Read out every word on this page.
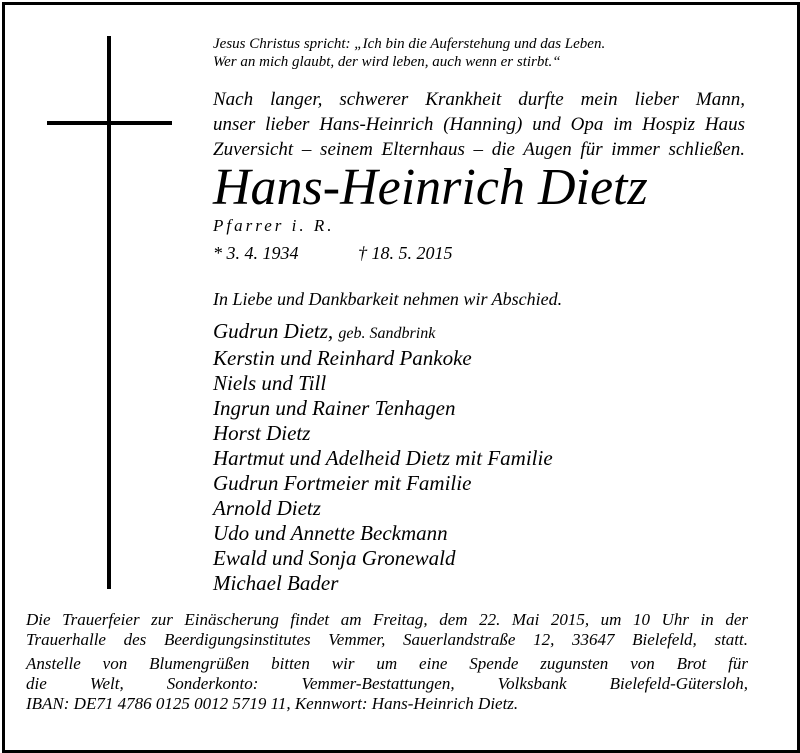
Jesus Christus spricht: „Ich bin die Auferstehung und das Leben.
Wer an mich glaubt, der wird leben, auch wenn er stirbt.“
Nach langer, schwerer Krankheit durfte mein lieber Mann,
unser lieber Hans-Heinrich (Hanning) und Opa im Hospiz Haus
Zuversicht – seinem Elternhaus – die Augen für immer schließen.
Hans-Heinrich Dietz
Pfarrer i. R.
* 3. 4. 1934	† 18. 5. 2015
In Liebe und Dankbarkeit nehmen wir Abschied.
Gudrun Dietz, geb. Sandbrink
Kerstin und Reinhard Pankoke
Niels und Till
Ingrun und Rainer Tenhagen
Horst Dietz
Hartmut und Adelheid Dietz mit Familie
Gudrun Fortmeier mit Familie
Arnold Dietz
Udo und Annette Beckmann
Ewald und Sonja Gronewald
Michael Bader

Die Trauerfeier zur Einäscherung findet am Freitag, dem 22. Mai 2015, um 10 Uhr in der
Trauerhalle des Beerdigungsinstitutes Vemmer, Sauerlandstraße 12, 33647 Bielefeld, statt.

Anstelle von Blumengrüßen bitten wir um eine Spende zugunsten von Brot für
die Welt, Sonderkonto: Vemmer-Bestattungen, Volksbank Bielefeld-Gütersloh,
IBAN: DE71 4786 0125 0012 5719 11, Kennwort: Hans-Heinrich Dietz.
